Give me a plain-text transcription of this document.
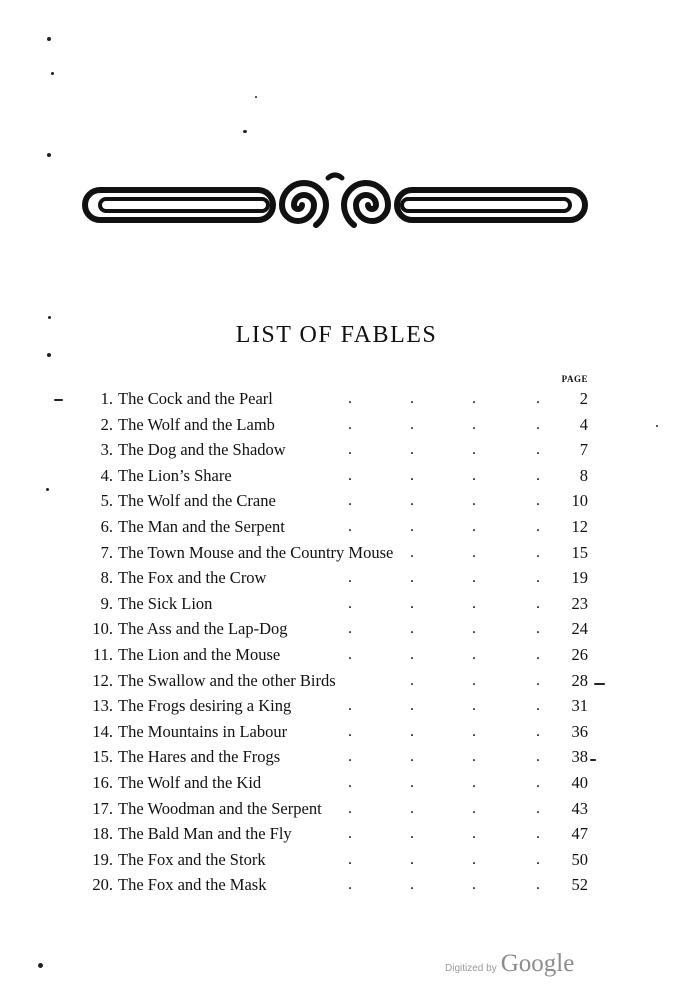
LIST OF FABLES
PAGE
1. The Cock and the Pearl	.	.	.	.	2
2. The Wolf and the Lamb	.	.	.	.	4
3. The Dog and the Shadow	.	.	.	.	7
4. The Lion’s Share	.	.	.	.	8
5. The Wolf and the Crane	.	.	.	.	10
6. The Man and the Serpent	.	.	.	.	12
7. The Town Mouse and the Country Mouse .	.	.	15
8. The Fox and the Crow	.	.	.	.	19
9. The Sick Lion	.	.	.	.	23
10. The Ass and the Lap-Dog	.	.	.	.	24
11. The Lion and the Mouse	.	.	.	.	26
12. The Swallow and the other Birds	.	.	.	28
13. The Frogs desiring a King	.	.	.	.	31
14. The Mountains in Labour	.	.	.	.	36
15. The Hares and the Frogs	.	.	.	.	38
16. The Wolf and the Kid	.	.	.	.	40
17. The Woodman and the Serpent .	.	.	.	43
18. The Bald Man and the Fly	.	.	.	.	47
19. The Fox and the Stork	.	.	.	.	50
20. The Fox and the Mask	.	.	.	.	52
Digitized by Google
